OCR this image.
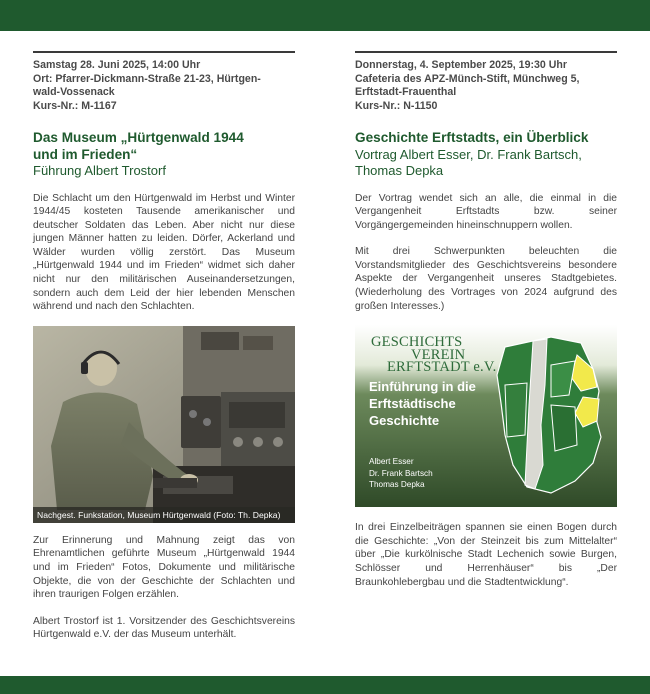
Samstag 28. Juni 2025, 14:00 Uhr
Ort: Pfarrer-Dickmann-Straße 21-23, Hürtgen-
wald-Vossenack
Kurs-Nr.: M-1167
Das Museum „Hürtgenwald 1944
und im Frieden“
Führung Albert Trostorf

Die Schlacht um den Hürtgenwald im Herbst und Winter 1944/45 kosteten Tausende amerikanischer und deutscher Soldaten das Leben. Aber nicht nur diese jungen Männer hatten zu leiden. Dörfer, Ackerland und Wälder wurden völlig zerstört. Das Museum „Hürtgenwald 1944 und im Frieden“ widmet sich daher nicht nur den militärischen Auseinandersetzungen, sondern auch dem Leid der hier lebenden Menschen während und nach den Schlachten.

Nachgest. Funkstation, Museum Hürtgenwald (Foto: Th. Depka)

Zur Erinnerung und Mahnung zeigt das von Ehrenamtlichen geführte Museum „Hürtgenwald 1944 und im Frieden“ Fotos, Dokumente und militärische Objekte, die von der Geschichte der Schlachten und ihren traurigen Folgen erzählen.

Albert Trostorf ist 1. Vorsitzender des Geschichtsvereins Hürtgenwald e.V. der das Museum unterhält.

Donnerstag, 4. September 2025, 19:30 Uhr
Cafeteria des APZ-Münch-Stift, Münchweg 5,
Erftstadt-Frauenthal
Kurs-Nr.: N-1150
Geschichte Erftstadts, ein Überblick
Vortrag Albert Esser, Dr. Frank Bartsch, Thomas Depka

Der Vortrag wendet sich an alle, die einmal in die Vergangenheit Erftstadts bzw. seiner Vorgängergemeinden hineinschnuppern wollen.

Mit drei Schwerpunkten beleuchten die Vorstandsmitglieder des Geschichtsvereins besondere Aspekte der Vergangenheit unseres Stadtgebietes. (Wiederholung des Vortrages von 2024 aufgrund des großen Interesses.)

GESCHICHTS
VEREIN
ERFTSTADT e.V.
Einführung in die
Erftstädtische
Geschichte
Albert Esser
Dr. Frank Bartsch
Thomas Depka

In drei Einzelbeiträgen spannen sie einen Bogen durch die Geschichte: „Von der Steinzeit bis zum Mittelalter“ über „Die kurkölnische Stadt Lechenich sowie Burgen, Schlösser und Herrenhäuser“ bis „Der Braunkohlebergbau und die Stadtentwicklung“.
